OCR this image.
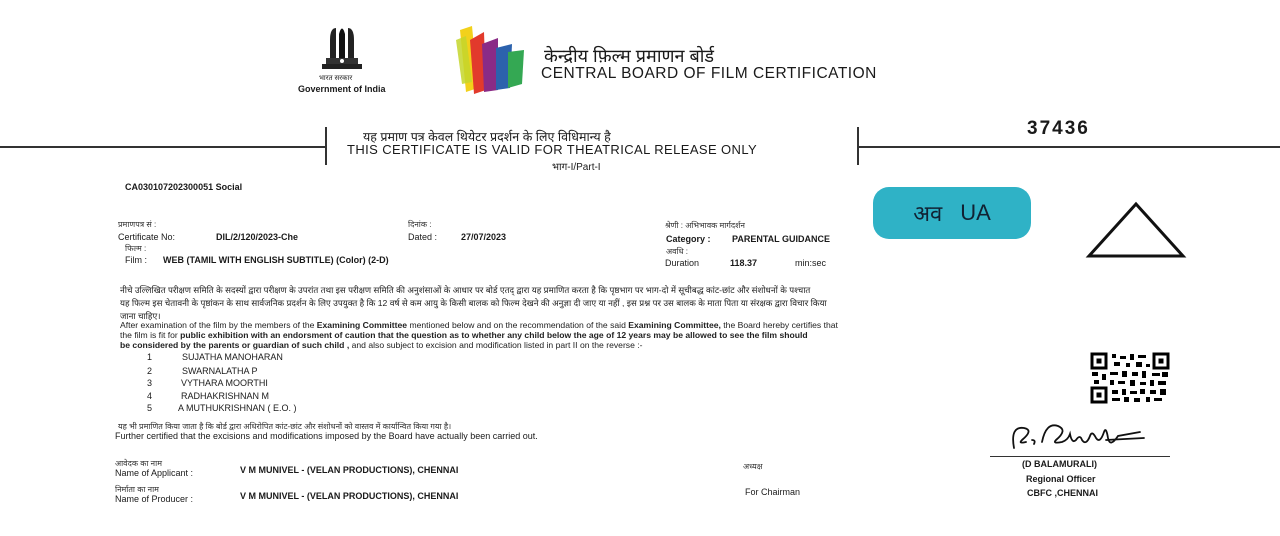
भारत सरकार
Government of India
केन्द्रीय फ़िल्म प्रमाणन बोर्ड
CENTRAL BOARD OF FILM CERTIFICATION
यह प्रमाण पत्र केवल थियेटर प्रदर्शन के लिए विधिमान्य है
THIS CERTIFICATE IS VALID FOR THEATRICAL RELEASE ONLY
भाग-I/Part-I
37436
CA030107202300051 Social
प्रमाणपत्र सं :
Certificate No:	DIL/2/120/2023-Che
दिनांक :
Dated :	27/07/2023
श्रेणी : अभिभावक मार्गदर्शन
Category : PARENTAL GUIDANCE
फिल्म :
Film : WEB (TAMIL WITH ENGLISH SUBTITLE) (Color) (2-D)
अवधि :
Duration	118.37	min:sec
अव UA
नीचे उल्लिखित परीक्षण समिति के सदस्यों द्वारा परीक्षण के उपरांत तथा इस परीक्षण समिति की अनुशंसाओं के आधार पर बोर्ड एतद् द्वारा यह प्रमाणित करता है कि पृष्ठभाग पर भाग-दो में सूचीबद्ध कांट-छांट और संशोधनों के पश्चात
यह फिल्म इस चेतावनी के पृष्ठांकन के साथ सार्वजनिक प्रदर्शन के लिए उपयुक्त है कि 12 वर्ष से कम आयु के किसी बालक को फिल्म देखने की अनुज्ञा दी जाए या नहीं , इस प्रश्न पर उस बालक के माता पिता या संरक्षक द्वारा विचार किया
जाना चाहिए।
After examination of the film by the members of the Examining Committee mentioned below and on the recommendation of the said Examining Committee, the Board hereby certifies that
the film is fit for public exhibition with an endorsment of caution that the question as to whether any child below the age of 12 years may be allowed to see the film should
be considered by the parents or guardian of such child , and also subject to excision and modification listed in part II on the reverse :-
1	SUJATHA MANOHARAN
2	SWARNALATHA P
3	VYTHARA MOORTHI
4	RADHAKRISHNAN M
5	A MUTHUKRISHNAN ( E.O. )
यह भी प्रमाणित किया जाता है कि बोर्ड द्वारा अधिरोपित कांट-छांट और संशोधनों को वास्तव में कार्यान्वित किया गया है।
Further certified that the excisions and modifications imposed by the Board have actually been carried out.
(D BALAMURALI)
Regional Officer
CBFC ,CHENNAI
आवेदक का नाम
Name of Applicant :	V M MUNIVEL - (VELAN PRODUCTIONS), CHENNAI
निर्माता का नाम
Name of Producer :	V M MUNIVEL - (VELAN PRODUCTIONS), CHENNAI
अध्यक्ष
For Chairman
